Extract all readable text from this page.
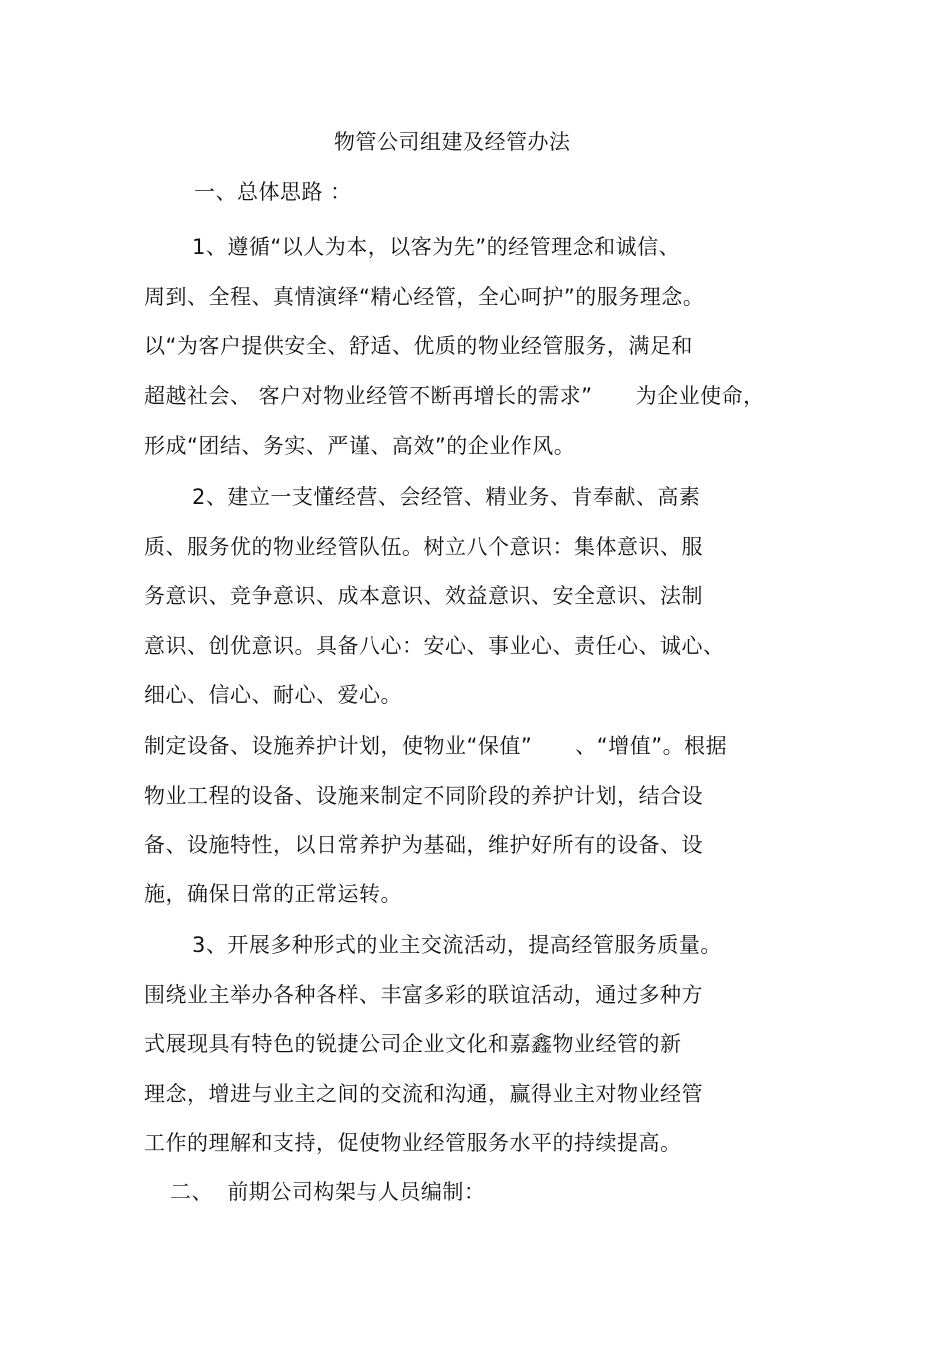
物管公司组建及经管办法
一、总体思路 ：
1、遵循“以人为本，以客为先”的经管理念和诚信、
周到、全程、真情演绎“精心经管，全心呵护”的服务理念。
以“为客户提供安全、舒适、优质的物业经管服务，满足和
超越社会、 客户对物业经管不断再增长的需求”      为企业使命，
形成“团结、务实、严谨、高效”的企业作风。
2、建立一支懂经营、会经管、精业务、肯奉献、高素
质、服务优的物业经管队伍。树立八个意识：集体意识、服
务意识、竞争意识、成本意识、效益意识、安全意识、法制
意识、创优意识。具备八心：安心、事业心、责任心、诚心、
细心、信心、耐心、爱心。
制定设备、设施养护计划，使物业“保值”      、“增值”。根据
物业工程的设备、设施来制定不同阶段的养护计划，结合设
备、设施特性，以日常养护为基础，维护好所有的设备、设
施，确保日常的正常运转。
3、开展多种形式的业主交流活动，提高经管服务质量。
围绕业主举办各种各样、丰富多彩的联谊活动，通过多种方
式展现具有特色的锐捷公司企业文化和嘉鑫物业经管的新
理念，增进与业主之间的交流和沟通，赢得业主对物业经管
工作的理解和支持，促使物业经管服务水平的持续提高。
二、  前期公司构架与人员编制：
